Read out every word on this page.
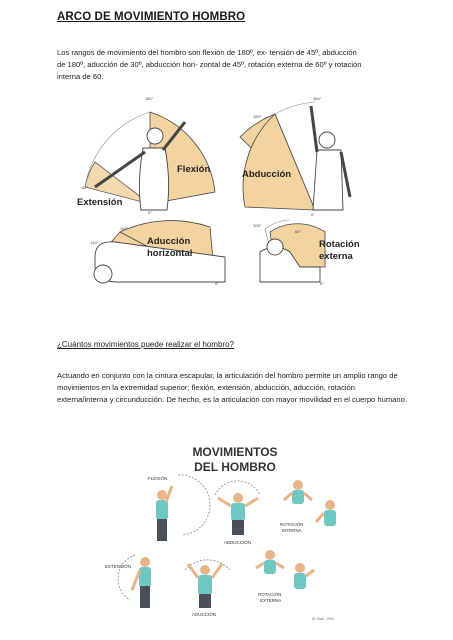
ARCO DE MOVIMIENTO HOMBRO
Los rangos de movimiento del hombro son flexión de 180º, ex- tensión de 45º, abducción de 180º, aducción de 30º, abducción hori- zontal de 45º, rotación externa de 60º y rotación interna de 60.
Flexión
Extensión
180°
62°
0°
Abducción
150°
184°
0°
Aducción
horizontal
110°
140°
0°
Rotación
externa
104°
60°
0°
¿Cuántos movimientos puede realizar el hombro?
Actuando en conjunto con la cintura escapular, la articulación del hombro permite un amplio rango de movimientos en la extremidad superior; flexión, extensión, abducción, aducción, rotación externa/interna y circunducción. De hecho, es la articulación con mayor movilidad en el cuerpo humano.
MOVIMIENTOS
DEL HOMBRO
FLEXIÓN
ABDUCCIÓN
ROTACIÓN
INTERNA
EXTENSIÓN
ADUCCIÓN
ROTACIÓN
EXTERNA
M. Kuei - 2011
